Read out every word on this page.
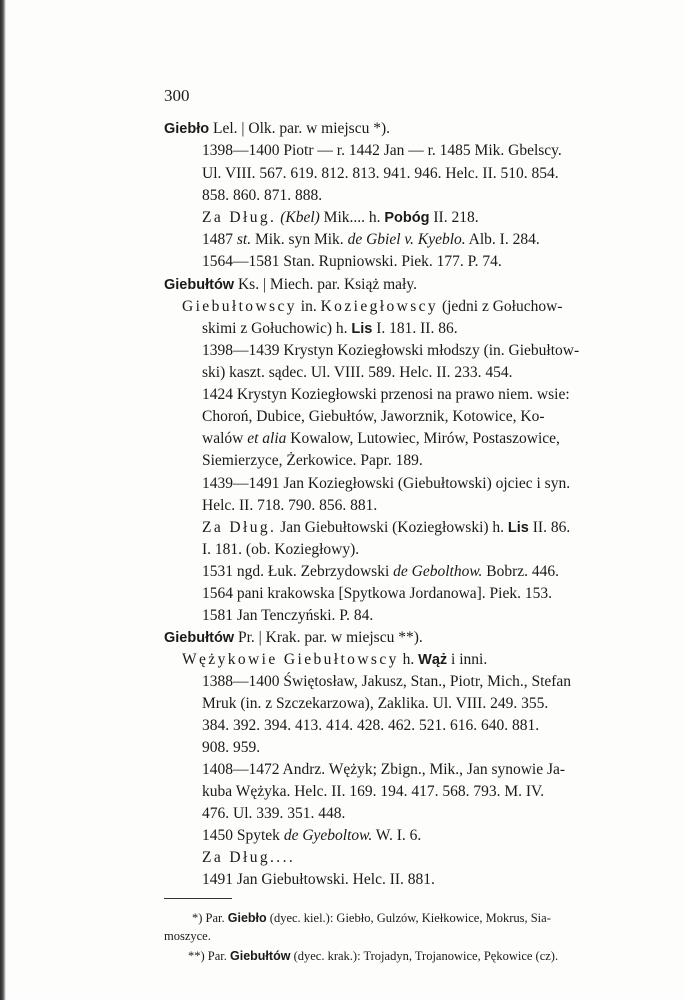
300
Giebło Lel. | Olk. par. w miejscu *).
1398—1400 Piotr — r. 1442 Jan — r. 1485 Mik. Gbelscy.
Ul. VIII. 567. 619. 812. 813. 941. 946. Helc. II. 510. 854.
858. 860. 871. 888.
Za Dług. (Kbel) Mik.... h. Pobóg II. 218.
1487 st. Mik. syn Mik. de Gbiel v. Kyeblo. Alb. I. 284.
1564—1581 Stan. Rupniowski. Piek. 177. P. 74.
Giebułtów Ks. | Miech. par. Książ mały.
Giebułtowscy in. Koziegłowscy (jedni z Gołuchow-
skimi z Gołuchowic) h. Lis I. 181. II. 86.
1398—1439 Krystyn Koziegłowski młodszy (in. Giebułtow-
ski) kaszt. sądec. Ul. VIII. 589. Helc. II. 233. 454.
1424 Krystyn Koziegłowski przenosi na prawo niem. wsie:
Choroń, Dubice, Giebułtów, Jaworznik, Kotowice, Ko-
walów et alia Kowalow, Lutowiec, Mirów, Postaszowice,
Siemierzyce, Żerkowice. Papr. 189.
1439—1491 Jan Koziegłowski (Giebułtowski) ojciec i syn.
Helc. II. 718. 790. 856. 881.
Za Dług. Jan Giebułtowski (Koziegłowski) h. Lis II. 86.
I. 181. (ob. Koziegłowy).
1531 ngd. Łuk. Zebrzydowski de Gebolthow. Bobrz. 446.
1564 pani krakowska [Spytkowa Jordanowa]. Piek. 153.
1581 Jan Tenczyński. P. 84.
Giebułtów Pr. | Krak. par. w miejscu **).
Wężykowie Giebułtowscy h. Wąż i inni.
1388—1400 Świętosław, Jakusz, Stan., Piotr, Mich., Stefan
Mruk (in. z Szczekarzowa), Zaklika. Ul. VIII. 249. 355.
384. 392. 394. 413. 414. 428. 462. 521. 616. 640. 881.
908. 959.
1408—1472 Andrz. Wężyk; Zbign., Mik., Jan synowie Ja-
kuba Wężyka. Helc. II. 169. 194. 417. 568. 793. M. IV.
476. Ul. 339. 351. 448.
1450 Spytek de Gyeboltow. W. I. 6.
Za Dług....
1491 Jan Giebułtowski. Helc. II. 881.
*) Par. Giebło (dyec. kiel.): Giebło, Gulzów, Kiełkowice, Mokrus, Sia-
moszyce.
**) Par. Giebułtów (dyec. krak.): Trojadyn, Trojanowice, Pękowice (cz).
